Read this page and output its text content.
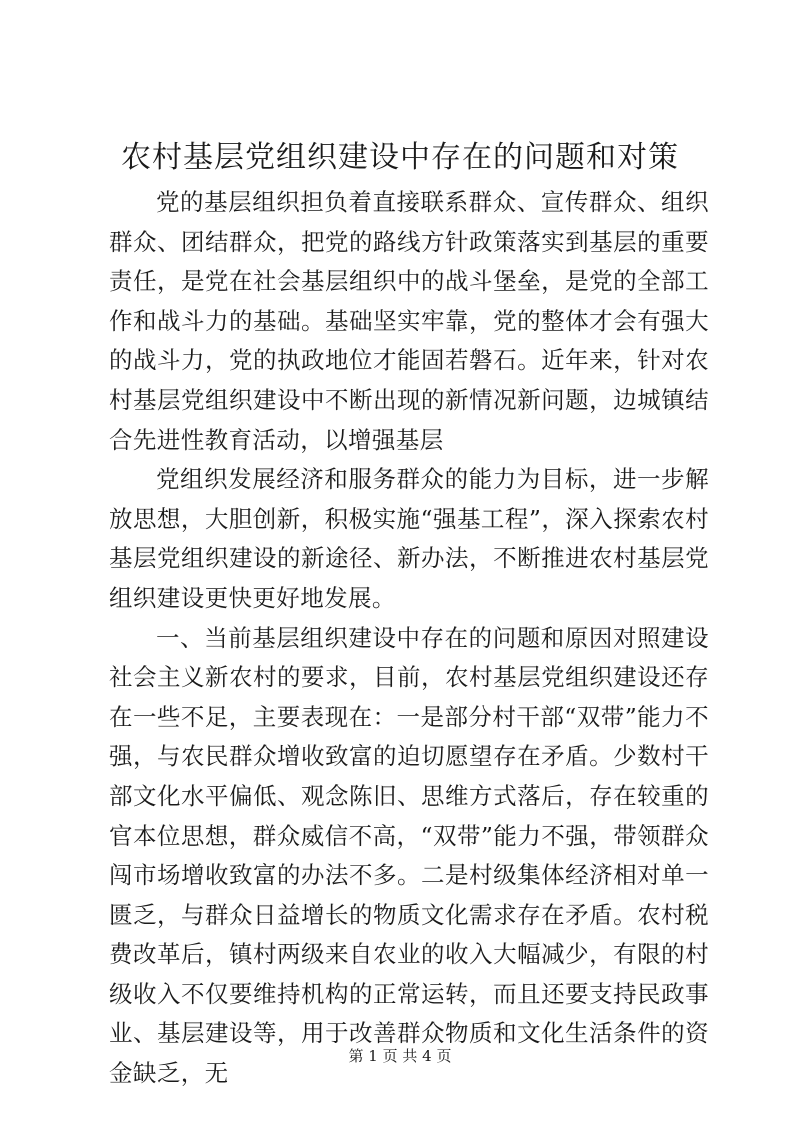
农村基层党组织建设中存在的问题和对策

党的基层组织担负着直接联系群众、宣传群众、组织群众、团结群众，把党的路线方针政策落实到基层的重要责任，是党在社会基层组织中的战斗堡垒，是党的全部工作和战斗力的基础。基础坚实牢靠，党的整体才会有强大的战斗力，党的执政地位才能固若磐石。近年来，针对农村基层党组织建设中不断出现的新情况新问题，边城镇结合先进性教育活动，以增强基层

党组织发展经济和服务群众的能力为目标，进一步解放思想，大胆创新，积极实施“强基工程”，深入探索农村基层党组织建设的新途径、新办法，不断推进农村基层党组织建设更快更好地发展。

一、当前基层组织建设中存在的问题和原因对照建设社会主义新农村的要求，目前，农村基层党组织建设还存在一些不足，主要表现在：一是部分村干部“双带”能力不强，与农民群众增收致富的迫切愿望存在矛盾。少数村干部文化水平偏低、观念陈旧、思维方式落后，存在较重的官本位思想，群众威信不高，“双带”能力不强，带领群众闯市场增收致富的办法不多。二是村级集体经济相对单一匮乏，与群众日益增长的物质文化需求存在矛盾。农村税费改革后，镇村两级来自农业的收入大幅减少，有限的村级收入不仅要维持机构的正常运转，而且还要支持民政事业、基层建设等，用于改善群众物质和文化生活条件的资金缺乏，无

第 1 页 共 4 页
